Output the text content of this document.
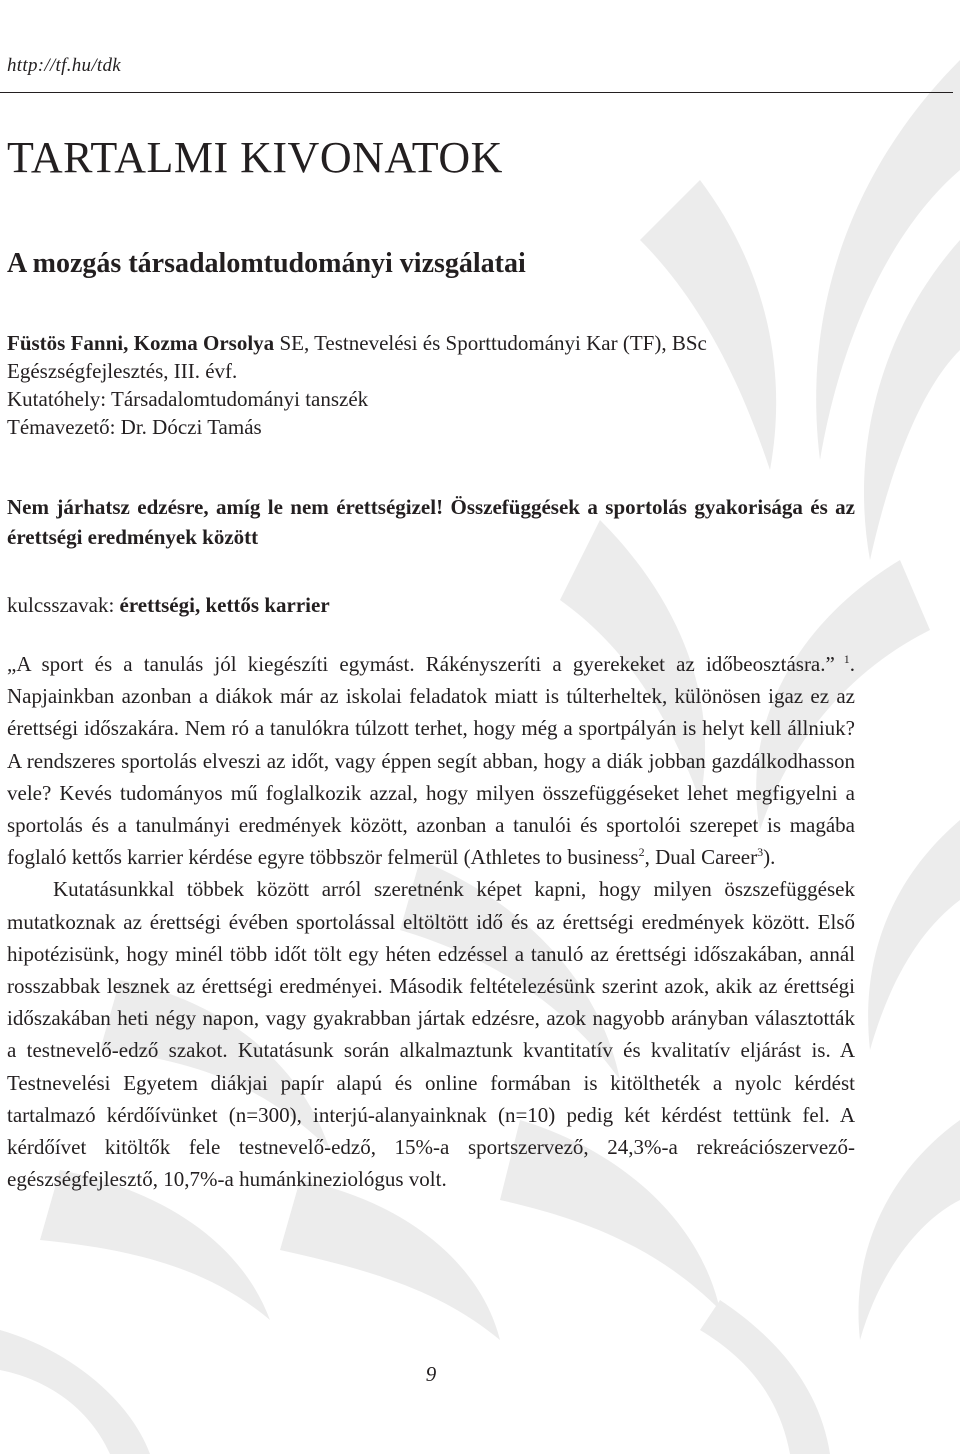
http://tf.hu/tdk
TARTALMI KIVONATOK
A mozgás társadalomtudományi vizsgálatai

Füstös Fanni, Kozma Orsolya SE, Testnevelési és Sporttudományi Kar (TF), BSc Egészségfejlesztés, III. évf.

Kutatóhely: Társadalomtudományi tanszék

Témavezető: Dr. Dóczi Tamás

Nem járhatsz edzésre, amíg le nem érettségizel! Összefüggések a sportolás gyakorisága és az érettségi eredmények között

kulcsszavak: érettségi, kettős karrier

„A sport és a tanulás jól kiegészíti egymást. Rákényszeríti a gyerekeket az időbeosztásra.” $^1$. Napjainkban azonban a diákok már az iskolai feladatok miatt is túlterheltek, különösen igaz ez az érettségi időszakára. Nem ró a tanulókra túlzott terhet, hogy még a sportpályán is helyt kell állniuk? A rendszeres sportolás elveszi az időt, vagy éppen segít abban, hogy a diák jobban gazdálkodhasson vele? Kevés tudományos mű foglalkozik azzal, hogy milyen összefüggéseket lehet megfigyelni a sportolás és a tanulmányi eredmények között, azonban a tanulói és sportolói szerepet is magába foglaló kettős karrier kérdése egyre többször felmerül (Athletes to business$^2$, Dual Career$^3$).

Kutatásunkkal többek között arról szeretnénk képet kapni, hogy milyen öszszefüggések mutatkoznak az érettségi évében sportolással eltöltött idő és az érettségi eredmények között. Első hipotézisünk, hogy minél több időt tölt egy héten edzéssel a tanuló az érettségi időszakában, annál rosszabbak lesznek az érettségi eredményei. Második feltételezésünk szerint azok, akik az érettségi időszakában heti négy napon, vagy gyakrabban jártak edzésre, azok nagyobb arányban választották a testnevelő-edző szakot. Kutatásunk során alkalmaztunk kvantitatív és kvalitatív eljárást is. A Testnevelési Egyetem diákjai papír alapú és online formában is kitöltheték a nyolc kérdést tartalmazó kérdőívünket (n=300), interjú-alanyainknak (n=10) pedig két kérdést tettünk fel. A kérdőívet kitöltők fele testnevelő-edző, 15%-a sportszervező, 24,3%-a rekreációszervező-egészségfejlesztő, 10,7%-a humánkineziológus volt.

9
